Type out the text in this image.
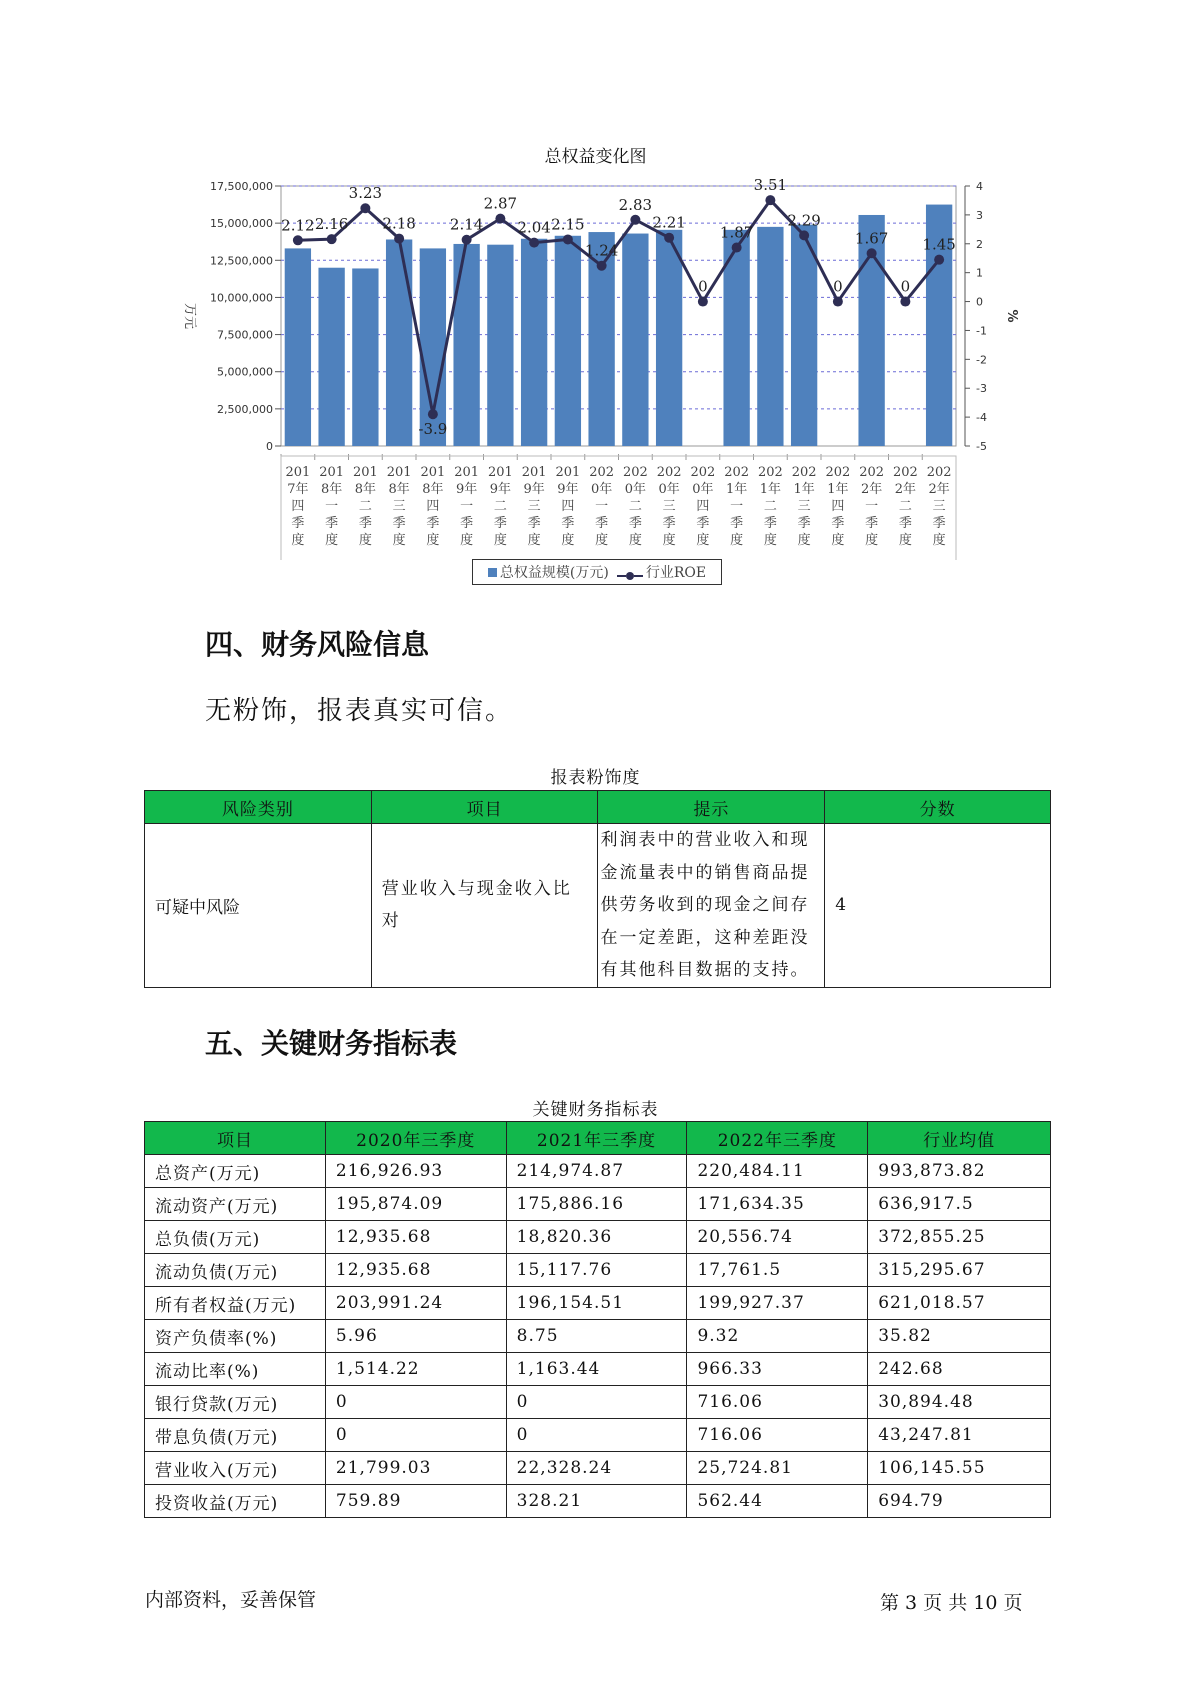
总权益变化图
0
2,500,000
5,000,000
7,500,000
10,000,000
12,500,000
15,000,000
17,500,000
-5
-4
-3
-2
-1
0
1
2
3
4
万元	%
201
7年
四
季
度
201
8年
一
季
度
201
8年
二
季
度
201
8年
三
季
度
201
8年
四
季
度
201
9年
一
季
度
201
9年
二
季
度
201
9年
三
季
度
201
9年
四
季
度
202
0年
一
季
度
202
0年
二
季
度
202
0年
三
季
度
202
0年
四
季
度
202
1年
一
季
度
202
1年
二
季
度
202
1年
三
季
度
202
1年
四
季
度
202
2年
一
季
度
202
2年
二
季
度
202
2年
三
季
度
2.12 2.16
3.23
2.18
-3.9
2.14
2.87
2.04 2.15
1.24
2.83
2.21
0
1.87
3.51
2.29
0
1.67
0
1.45
总权益规模(万元)	行业ROE
四、财务风险信息
无粉饰，报表真实可信。
报表粉饰度
风险类别	项目	提示	分数
可疑中风险	营业收入与现金收入比对	利润表中的营业收入和现金流量表中的销售商品提供劳务收到的现金之间存在一定差距，这种差距没有其他科目数据的支持。	4
五、关键财务指标表
关键财务指标表
项目	2020年三季度	2021年三季度	2022年三季度	行业均值
总资产(万元)	216,926.93	214,974.87	220,484.11	993,873.82
流动资产(万元)	195,874.09	175,886.16	171,634.35	636,917.5
总负债(万元)	12,935.68	18,820.36	20,556.74	372,855.25
流动负债(万元)	12,935.68	15,117.76	17,761.5	315,295.67
所有者权益(万元)	203,991.24	196,154.51	199,927.37	621,018.57
资产负债率(%)	5.96	8.75	9.32	35.82
流动比率(%)	1,514.22	1,163.44	966.33	242.68
银行贷款(万元)	0	0	716.06	30,894.48
带息负债(万元)	0	0	716.06	43,247.81
营业收入(万元)	21,799.03	22,328.24	25,724.81	106,145.55
投资收益(万元)	759.89	328.21	562.44	694.79
内部资料，妥善保管	第 3 页 共 10 页
